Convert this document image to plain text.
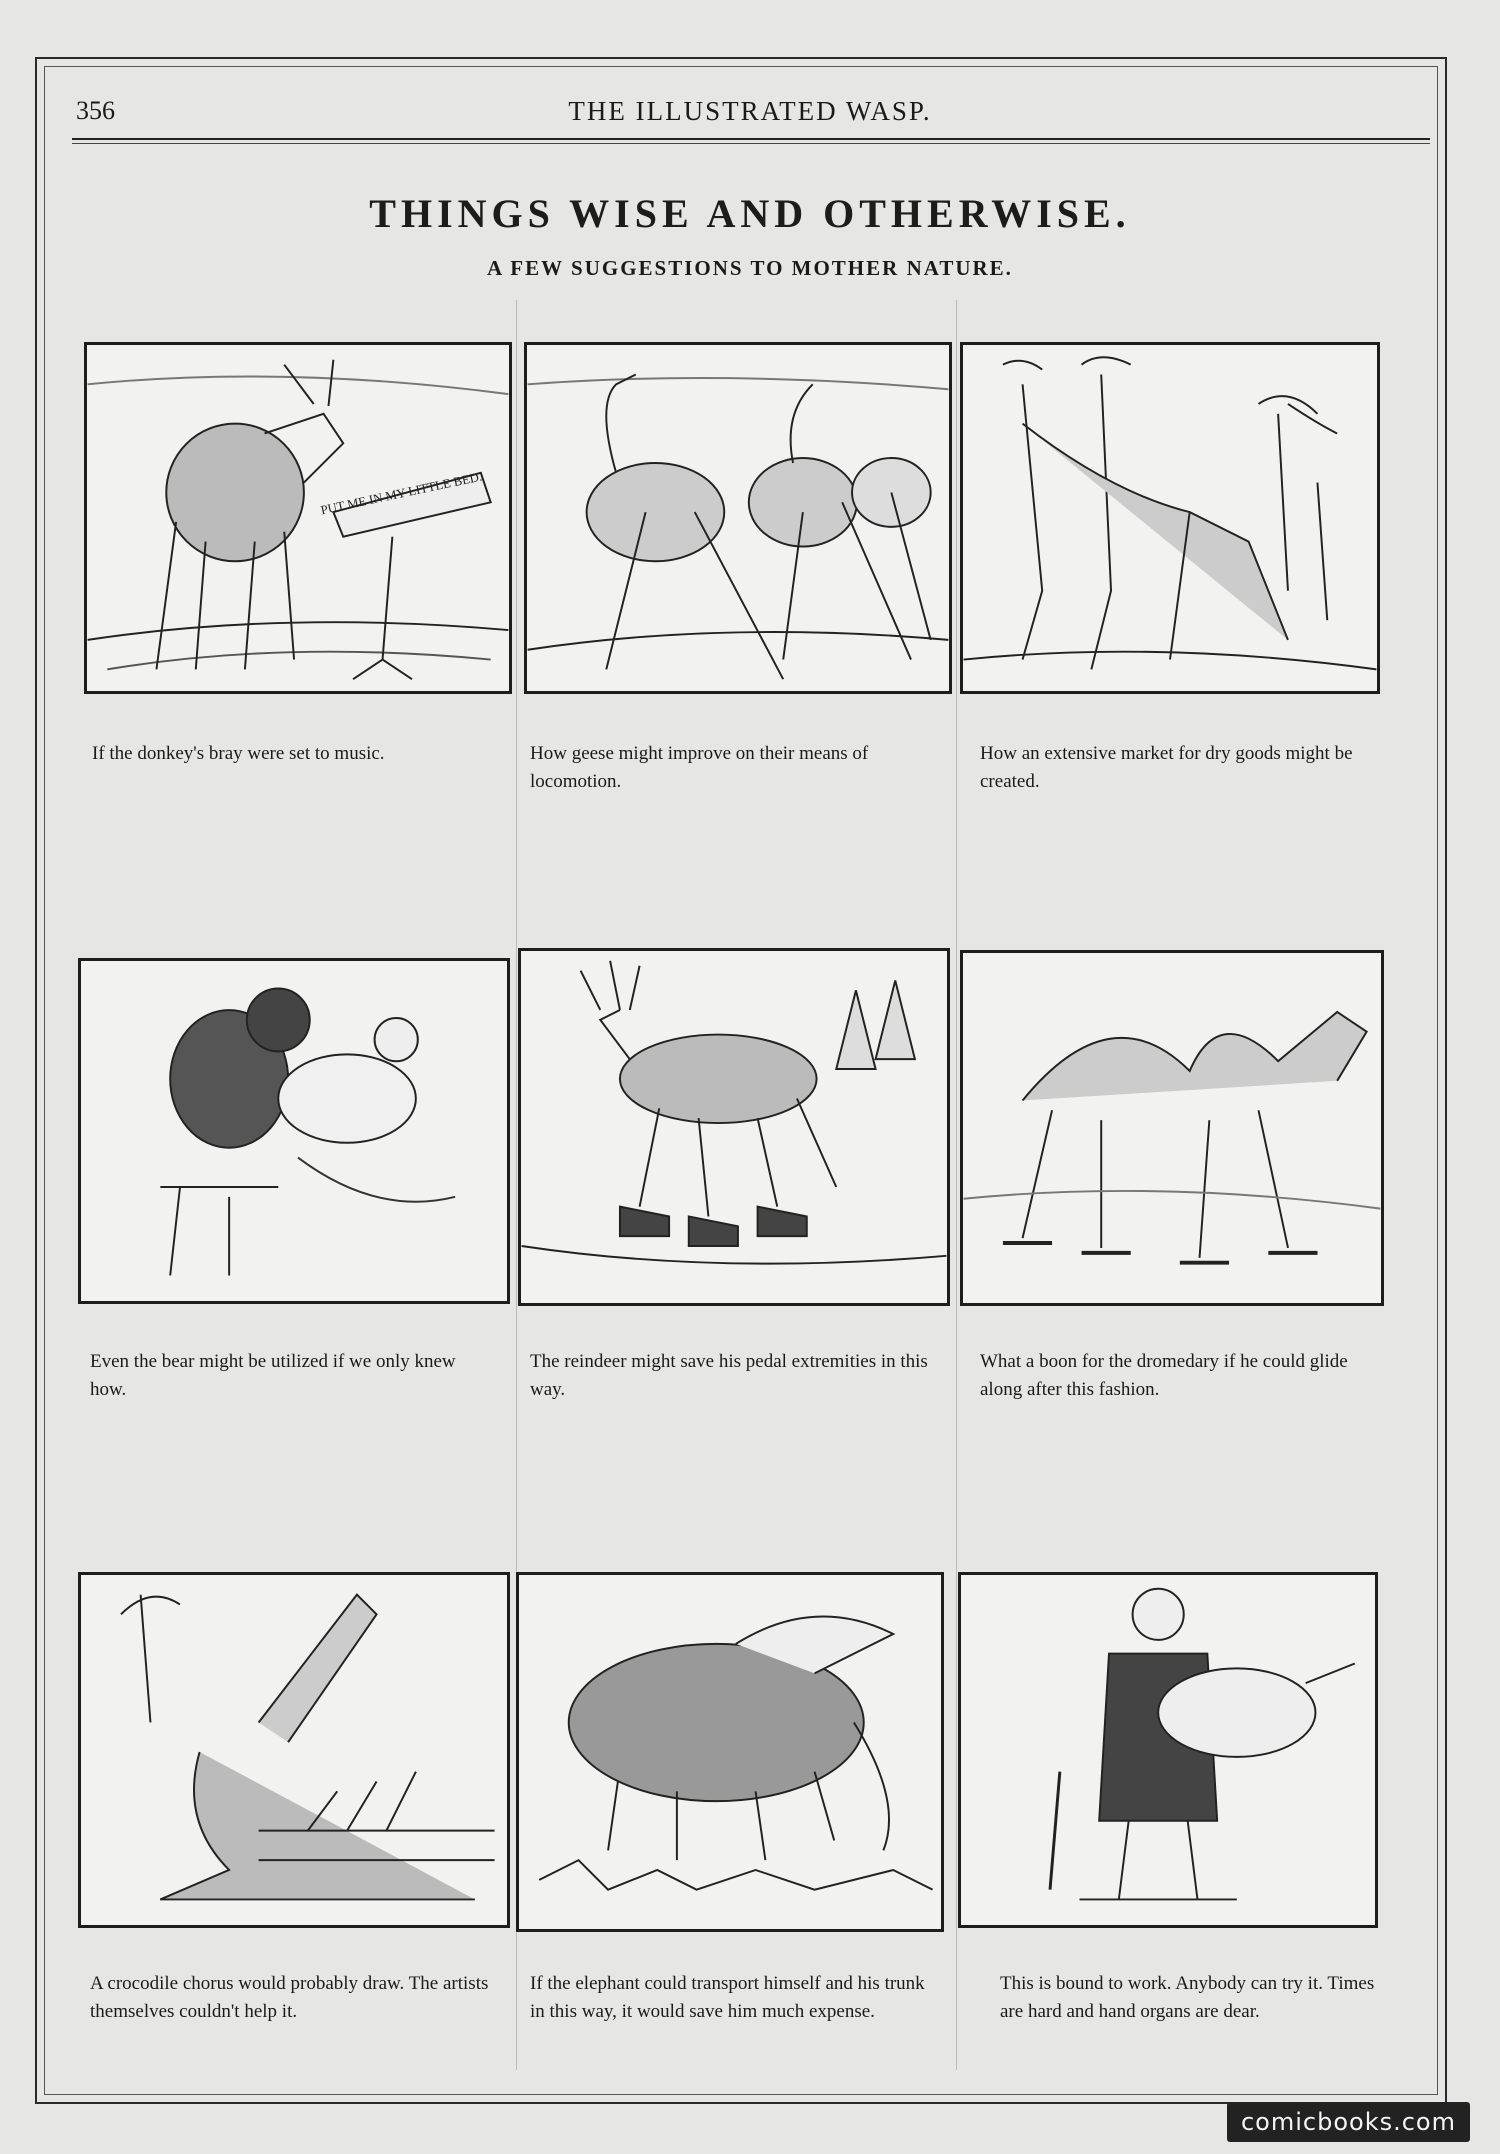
356	THE ILLUSTRATED WASP.
THINGS WISE AND OTHERWISE.
A FEW SUGGESTIONS TO MOTHER NATURE.
PUT ME IN MY LITTLE BED.
If the donkey's bray were set to music.	How geese might improve on their means of locomotion.
How an extensive market for dry goods might be created.
Even the bear might be utilized if we only knew how.
The reindeer might save his pedal extremities in this way.
What a boon for the dromedary if he could glide along after this fashion.
A crocodile chorus would probably draw. The artists themselves couldn't help it.
If the elephant could transport himself and his trunk in this way, it would save him much expense.
This is bound to work. Anybody can try it. Times are hard and hand organs are dear.
comicbooks.com
